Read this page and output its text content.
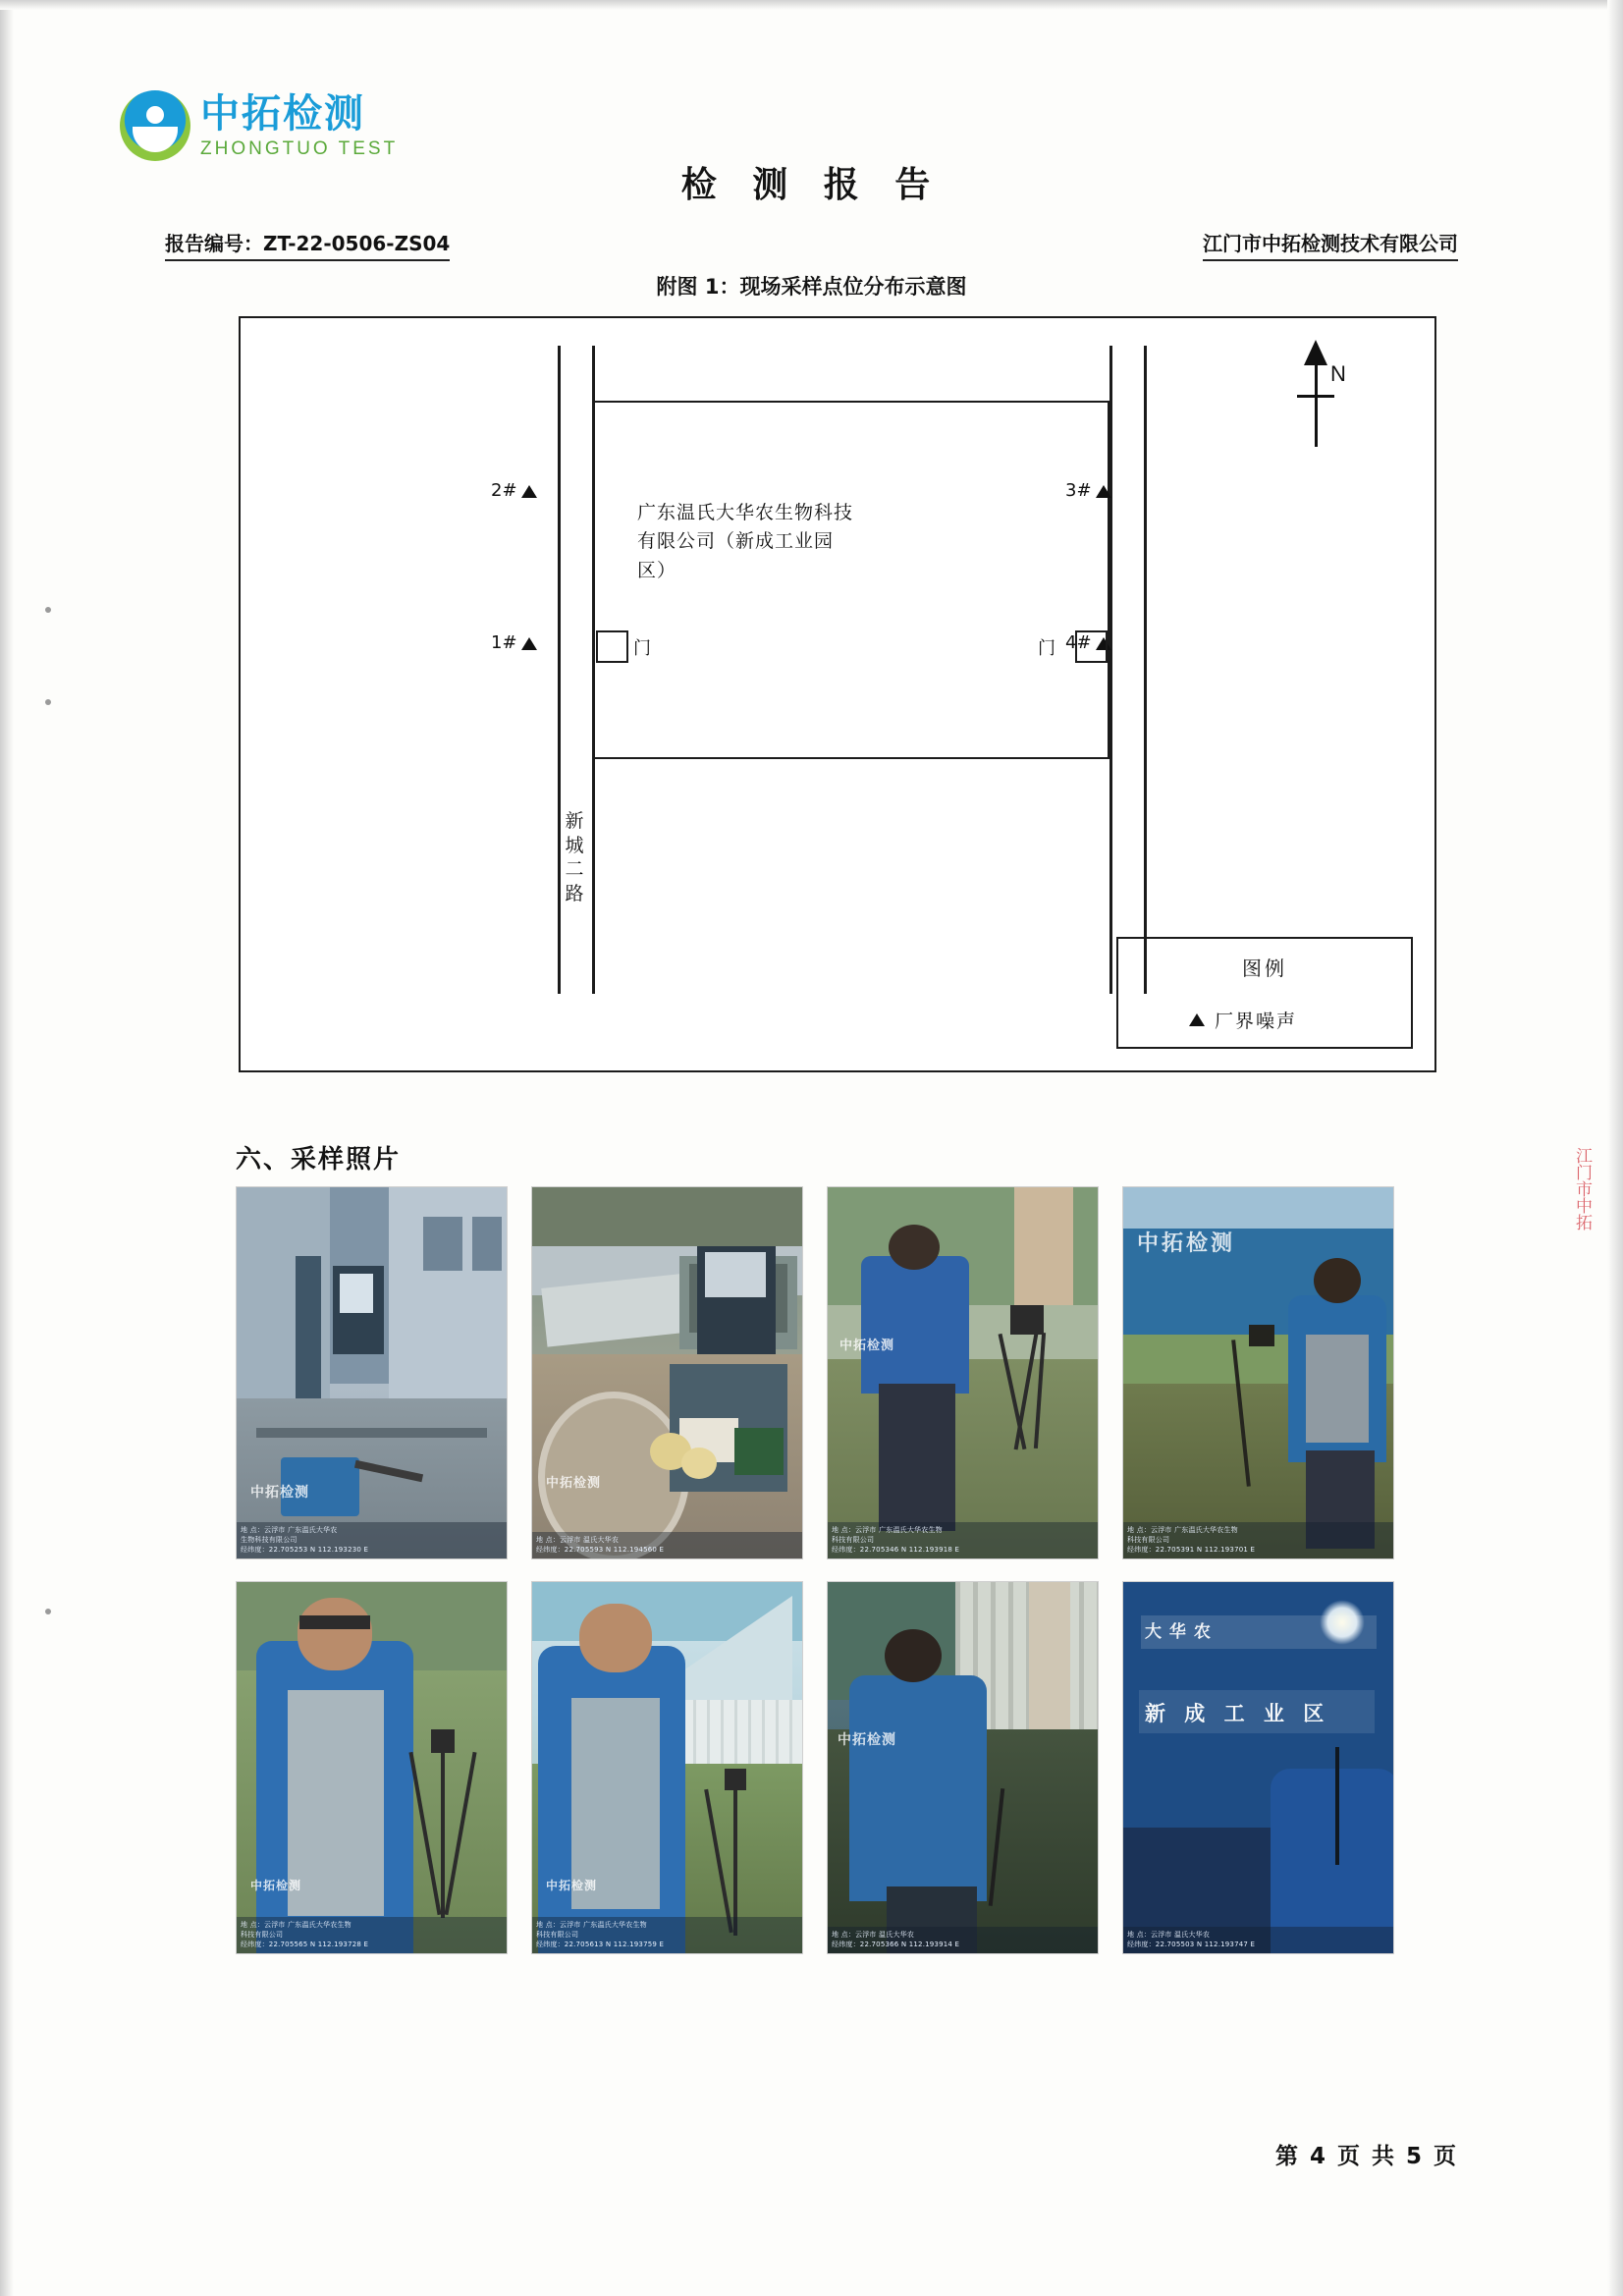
中拓检测
ZHONGTUO TEST
检 测 报 告
报告编号：ZT-22-0506-ZS04	江门市中拓检测技术有限公司
附图 1：现场采样点位分布示意图
广东温氏大华农生物科技有限公司（新成工业园区）
2#	3#
1#	4#
门	门
新城二路
N
图例
厂界噪声
六、采样照片
中拓检测
地 点：云浮市 广东温氏大华农
生物科技有限公司
经纬度：22.705253 N 112.193230 E
中拓检测
地 点：云浮市 温氏大华农
经纬度：22.705593 N 112.194560 E
中拓检测
地 点：云浮市 广东温氏大华农生物
科技有限公司
经纬度：22.705346 N 112.193918 E
中拓检测
地 点：云浮市 广东温氏大华农生物
科技有限公司
经纬度：22.705391 N 112.193701 E
中拓检测
地 点：云浮市 广东温氏大华农生物
科技有限公司
经纬度：22.705565 N 112.193728 E
中拓检测
地 点：云浮市 广东温氏大华农生物
科技有限公司
经纬度：22.705613 N 112.193759 E
中拓检测
地 点：云浮市 温氏大华农
经纬度：22.705366 N 112.193914 E
大 华 农
新 成 工 业 区
地 点：云浮市 温氏大华农
经纬度：22.705503 N 112.193747 E
江门市中拓
第 4 页 共 5 页
